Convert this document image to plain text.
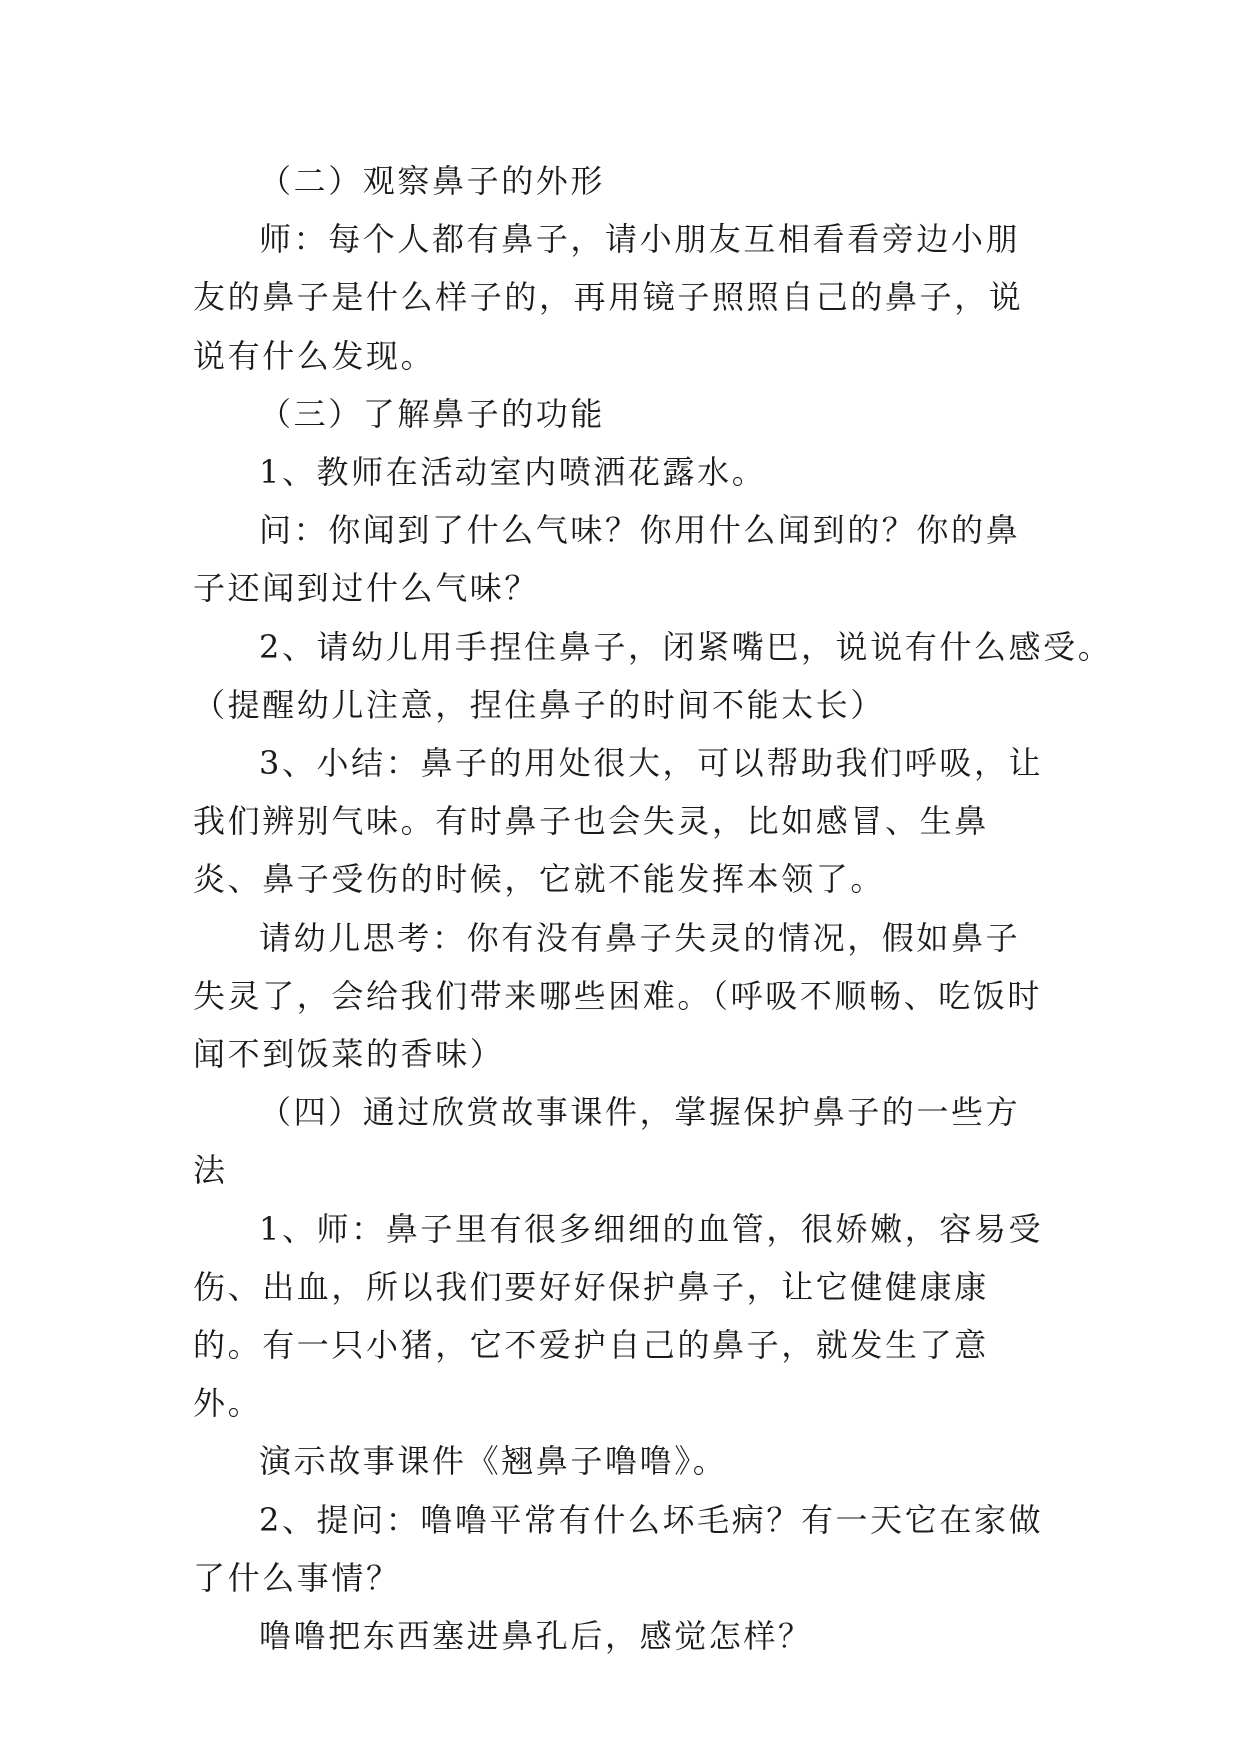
（二）观察鼻子的外形

师：每个人都有鼻子，请小朋友互相看看旁边小朋友的鼻子是什么样子的，再用镜子照照自己的鼻子，说说有什么发现。

（三）了解鼻子的功能

1、教师在活动室内喷洒花露水。

问：你闻到了什么气味？你用什么闻到的？你的鼻子还闻到过什么气味？

2、请幼儿用手捏住鼻子，闭紧嘴巴，说说有什么感受。

（提醒幼儿注意，捏住鼻子的时间不能太长）

3、小结：鼻子的用处很大，可以帮助我们呼吸，让我们辨别气味。有时鼻子也会失灵，比如感冒、生鼻炎、鼻子受伤的时候，它就不能发挥本领了。

请幼儿思考：你有没有鼻子失灵的情况，假如鼻子失灵了，会给我们带来哪些困难。（呼吸不顺畅、吃饭时闻不到饭菜的香味）

（四）通过欣赏故事课件，掌握保护鼻子的一些方法

1、师：鼻子里有很多细细的血管，很娇嫩，容易受伤、出血，所以我们要好好保护鼻子，让它健健康康的。有一只小猪，它不爱护自己的鼻子，就发生了意外。

演示故事课件《翘鼻子噜噜》。

2、提问：噜噜平常有什么坏毛病？有一天它在家做了什么事情？

噜噜把东西塞进鼻孔后，感觉怎样？
